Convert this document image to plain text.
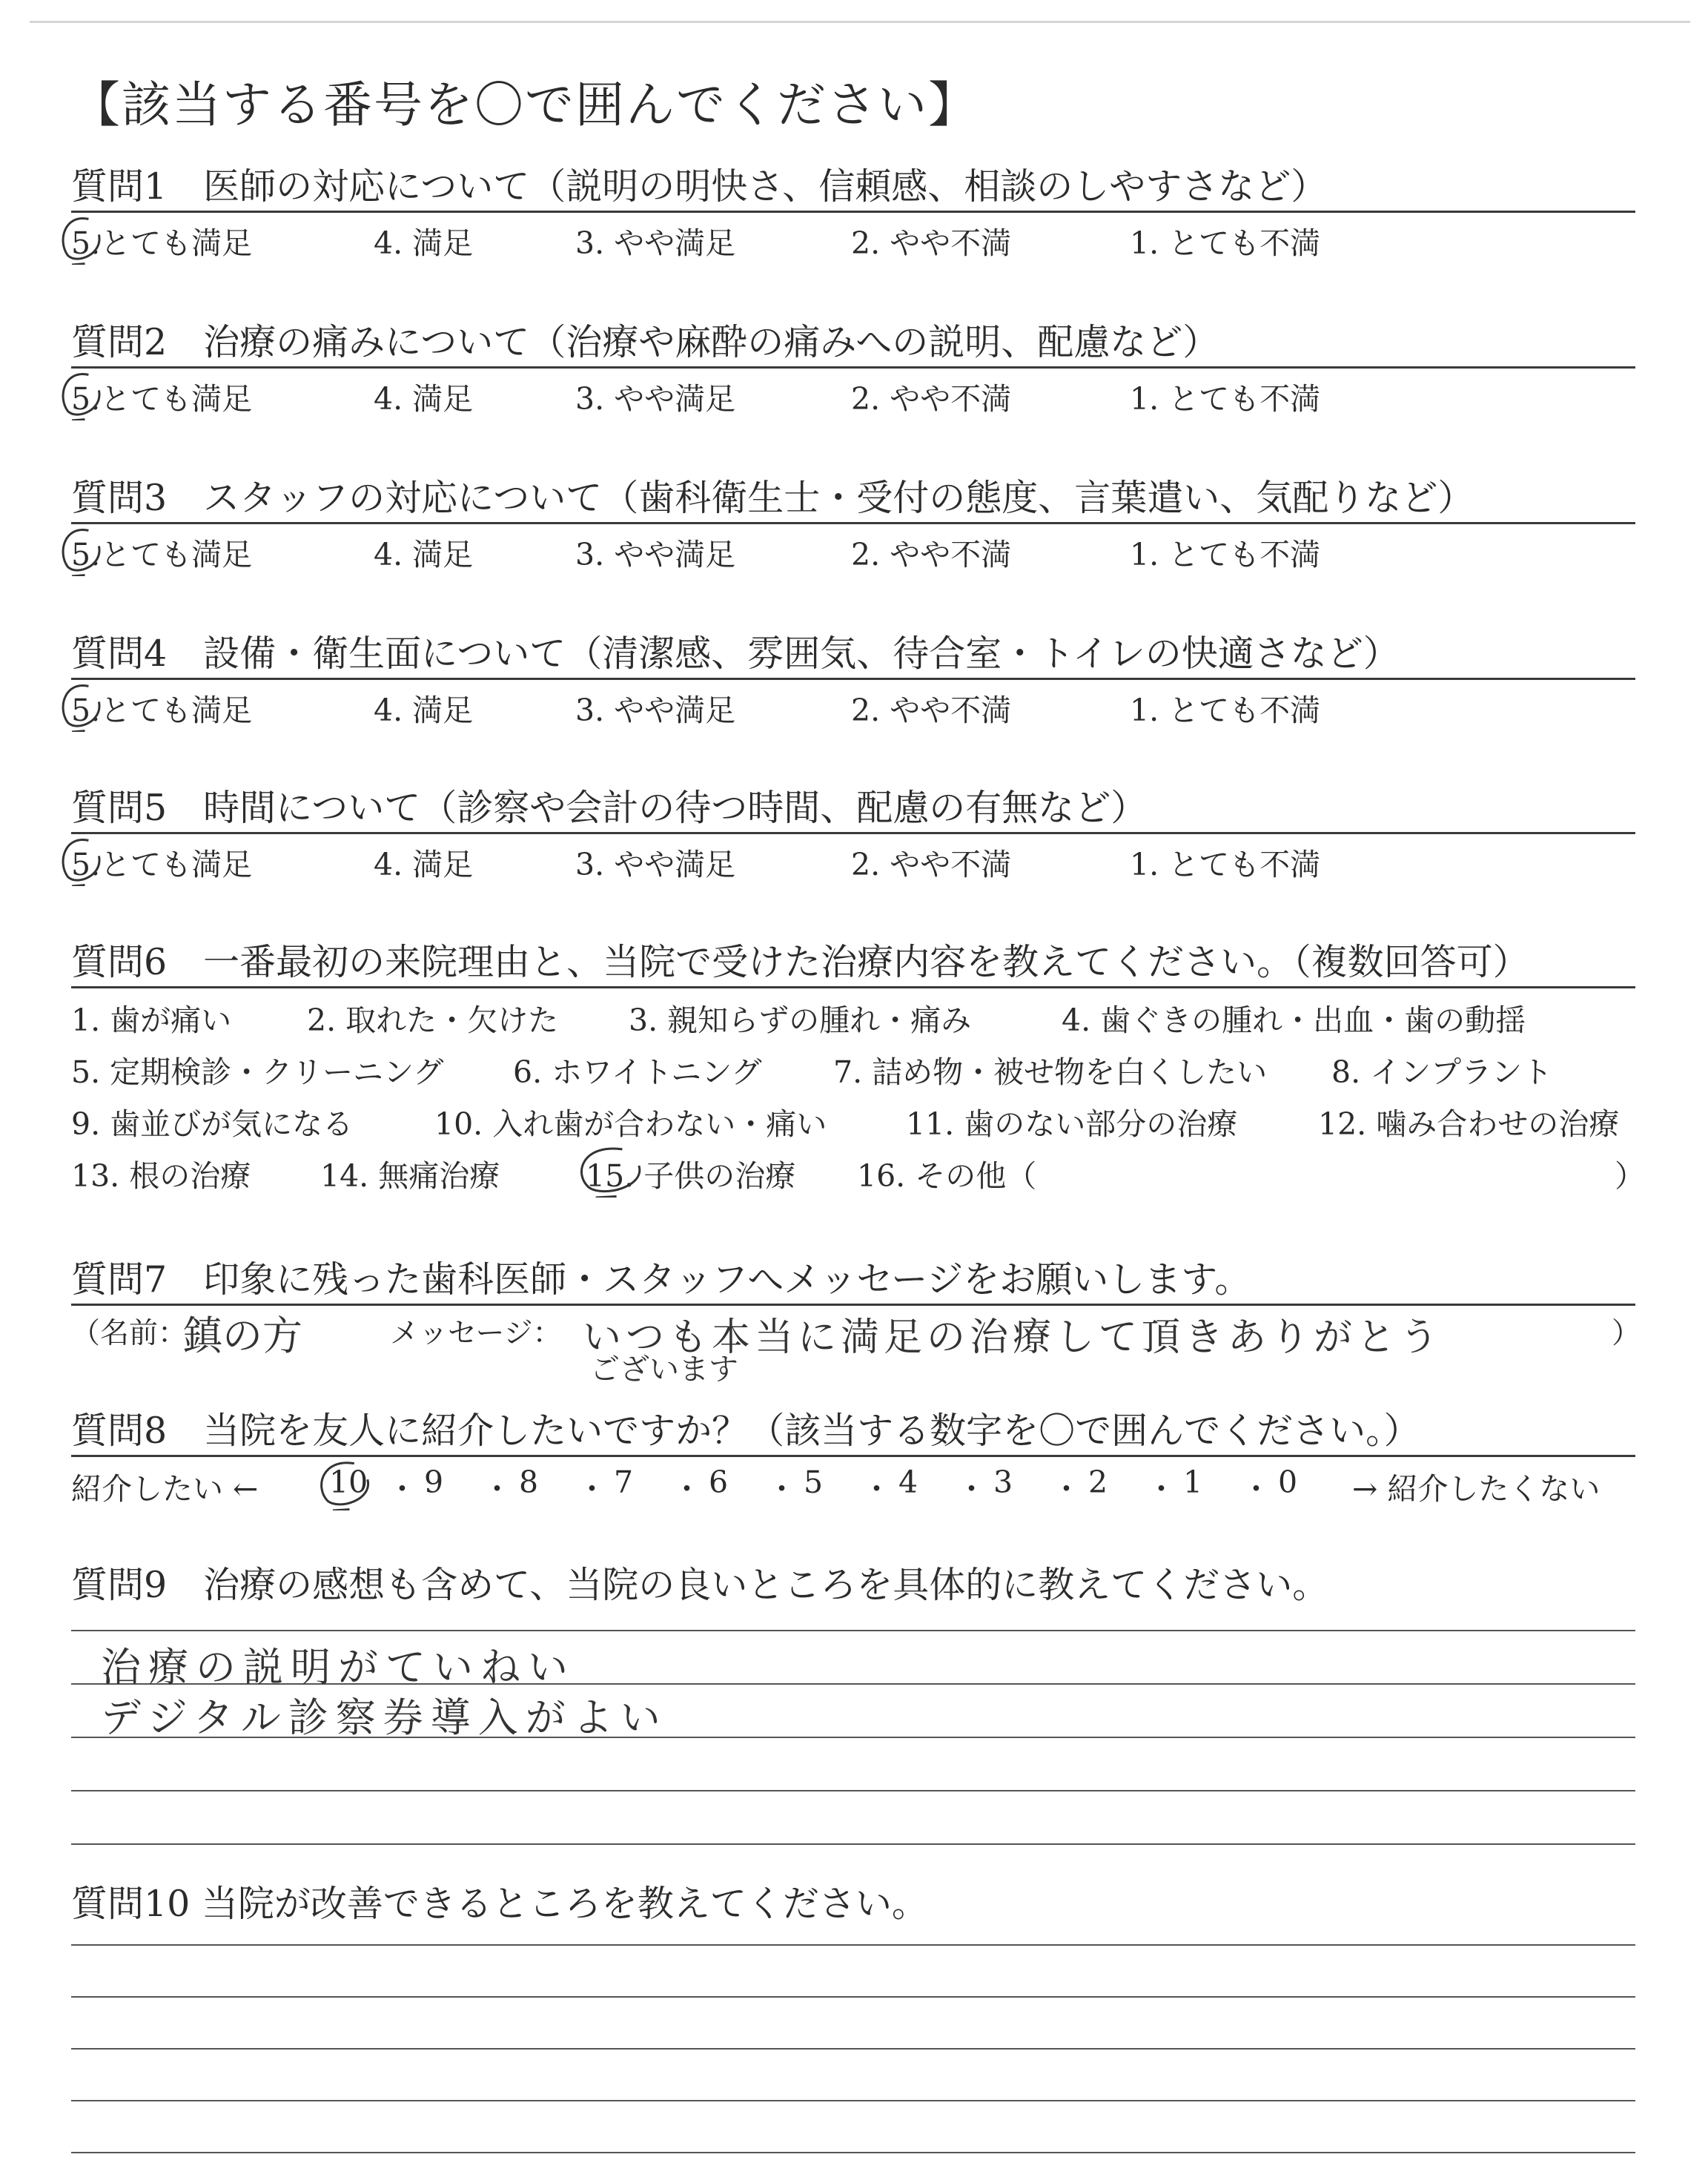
【該当する番号を〇で囲んでください】
質問1　医師の対応について（説明の明快さ、信頼感、相談のしやすさなど）
5.とても満足	4. 満足	3. やや満足	2. やや不満	1. とても不満
質問2　治療の痛みについて（治療や麻酔の痛みへの説明、配慮など）
5.とても満足	4. 満足	3. やや満足	2. やや不満	1. とても不満
質問3　スタッフの対応について（歯科衛生士・受付の態度、言葉遣い、気配りなど）
5.とても満足	4. 満足	3. やや満足	2. やや不満	1. とても不満
質問4　設備・衛生面について（清潔感、雰囲気、待合室・トイレの快適さなど）
5.とても満足	4. 満足	3. やや満足	2. やや不満	1. とても不満
質問5　時間について（診察や会計の待つ時間、配慮の有無など）
5.とても満足	4. 満足	3. やや満足	2. やや不満	1. とても不満
質問6　一番最初の来院理由と、当院で受けた治療内容を教えてください。（複数回答可）
1. 歯が痛い 2. 取れた・欠けた 3. 親知らずの腫れ・痛み	4. 歯ぐきの腫れ・出血・歯の動揺
5. 定期検診・クリーニング 6. ホワイトニング 7. 詰め物・被せ物を白くしたい 8. インプラント
9. 歯並びが気になる	10. 入れ歯が合わない・痛い	11. 歯のない部分の治療	12. 噛み合わせの治療
13. 根の治療 14. 無痛治療	15. 子供の治療 16. その他（	）
質問7　印象に残った歯科医師・スタッフへメッセージをお願いします。
（名前：
鎮の方	メッセージ： いつも本当に満足の治療して頂きありがとう
ございます
）
質問8　当院を友人に紹介したいですか？（該当する数字を〇で囲んでください。）
紹介したい ←	→ 紹介したくない
10 ・ 9 ・ 8 ・ 7 ・ 6 ・ 5 ・ 4 ・ 3 ・ 2 ・ 1 ・ 0
質問9　治療の感想も含めて、当院の良いところを具体的に教えてください。
治療の説明がていねい
デジタル診察券導入がよい
質問10 当院が改善できるところを教えてください。
